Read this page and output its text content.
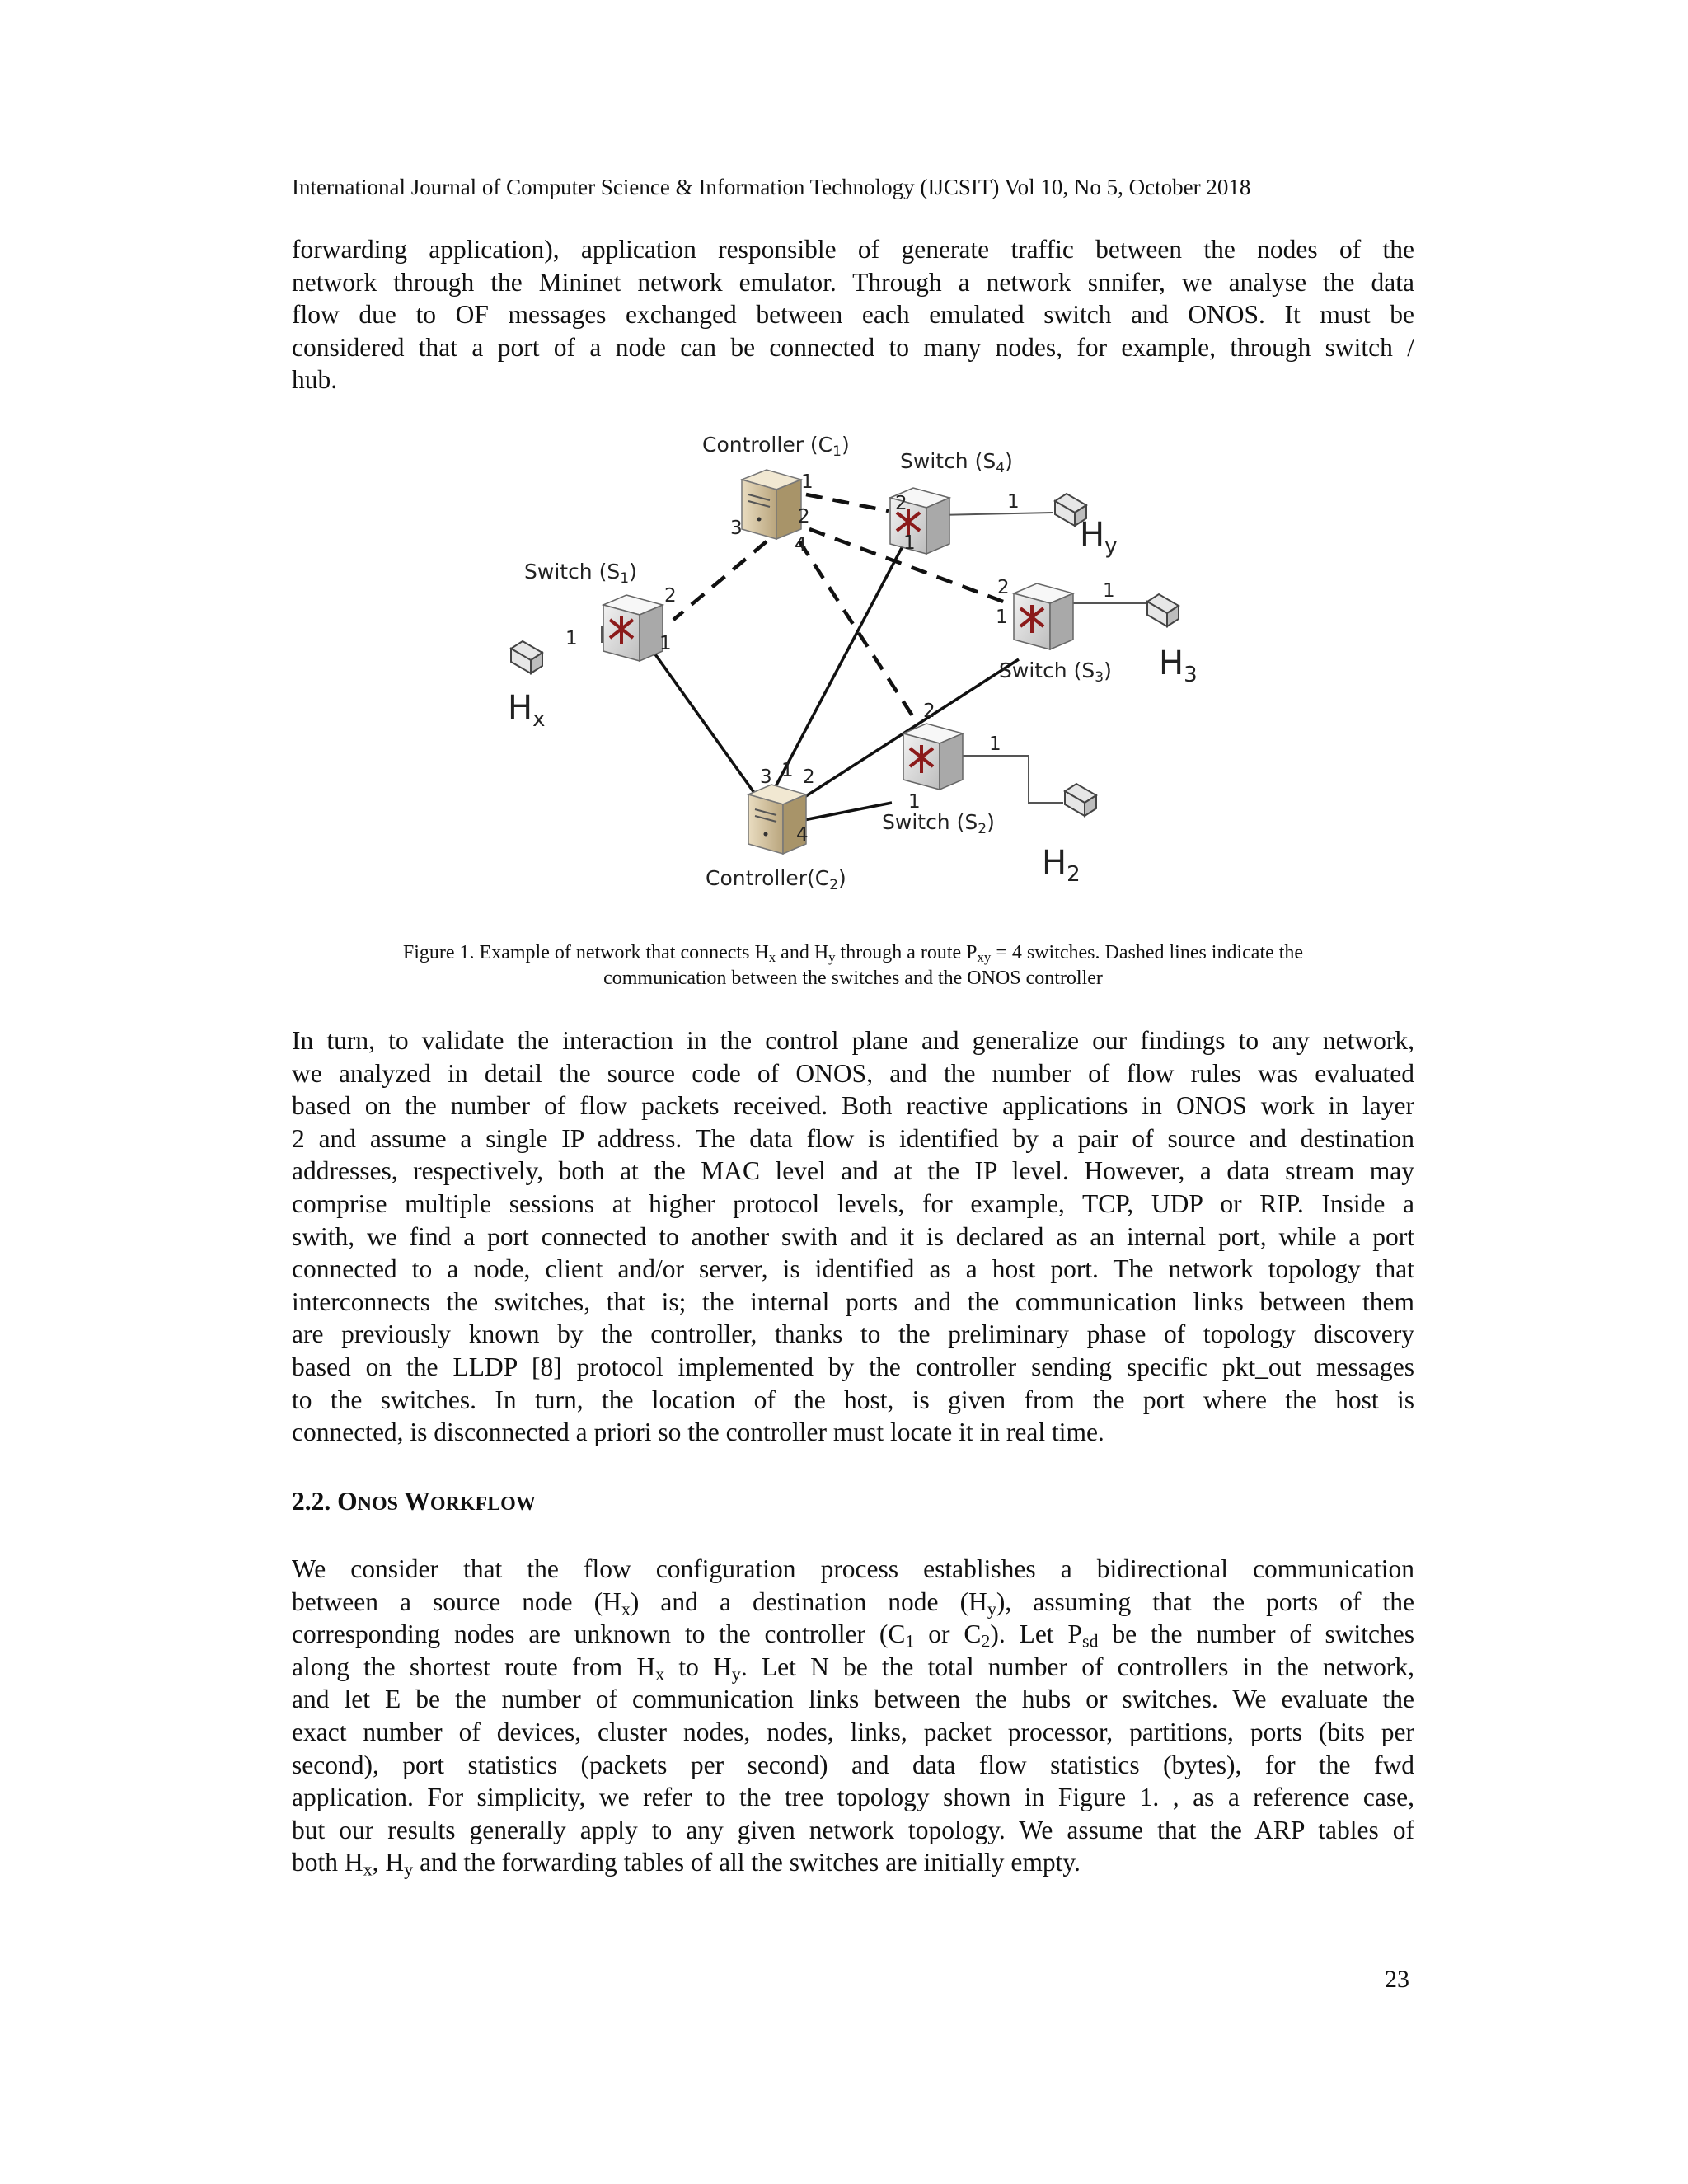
International Journal of Computer Science & Information Technology (IJCSIT) Vol 10, No 5, October 2018

forwarding application), application responsible of generate traffic between the nodes of the

network through the Mininet network emulator. Through a network snnifer, we analyse the data

flow due to OF messages exchanged between each emulated switch and ONOS. It must be

considered that a port of a node can be connected to many nodes, for example, through switch /

hub.

Controller $(C_1)$
Switch $(S_4)$
Switch $(S_1)$
Switch $(S_3)$
Switch $(S_2)$
$Controller(C_2)$
$H_x$
$H_y$
$H_3$
$H_2$
1
2
3
4
2
1
1
2
1
1
2
1
1
2
1
1
3 1 2
4
Figure 1. Example of network that connects $H_x$ and $H_y$ through a route $P_{xy} = 4$ switches. Dashed lines indicate the
communication between the switches and the ONOS controller

In turn, to validate the interaction in the control plane and generalize our findings to any network,

we analyzed in detail the source code of ONOS, and the number of flow rules was evaluated

based on the number of flow packets received. Both reactive applications in ONOS work in layer

2 and assume a single IP address. The data flow is identified by a pair of source and destination

addresses, respectively, both at the MAC level and at the IP level. However, a data stream may

comprise multiple sessions at higher protocol levels, for example, TCP, UDP or RIP. Inside a

swith, we find a port connected to another swith and it is declared as an internal port, while a port

connected to a node, client and/or server, is identified as a host port. The network topology that

interconnects the switches, that is; the internal ports and the communication links between them

are previously known by the controller, thanks to the preliminary phase of topology discovery

based on the LLDP [8] protocol implemented by the controller sending specific pkt_out messages

to the switches. In turn, the location of the host, is given from the port where the host is

connected, is disconnected a priori so the controller must locate it in real time.

2.2. ONOS WORKFLOW

We consider that the flow configuration process establishes a bidirectional communication

between a source node $(H_x)$ and a destination node $(H_y)$, assuming that the ports of the

corresponding nodes are unknown to the controller ($C_1$ or $C_2$). Let $P_{sd}$ be the number of switches

along the shortest route from $H_x$ to $H_y$. Let N be the total number of controllers in the network,

and let E be the number of communication links between the hubs or switches. We evaluate the

exact number of devices, cluster nodes, nodes, links, packet processor, partitions, ports (bits per

second), port statistics (packets per second) and data flow statistics (bytes), for the fwd

application. For simplicity, we refer to the tree topology shown in Figure 1. , as a reference case,

but our results generally apply to any given network topology. We assume that the ARP tables of

both $H_x$, $H_y$ and the forwarding tables of all the switches are initially empty.

23
